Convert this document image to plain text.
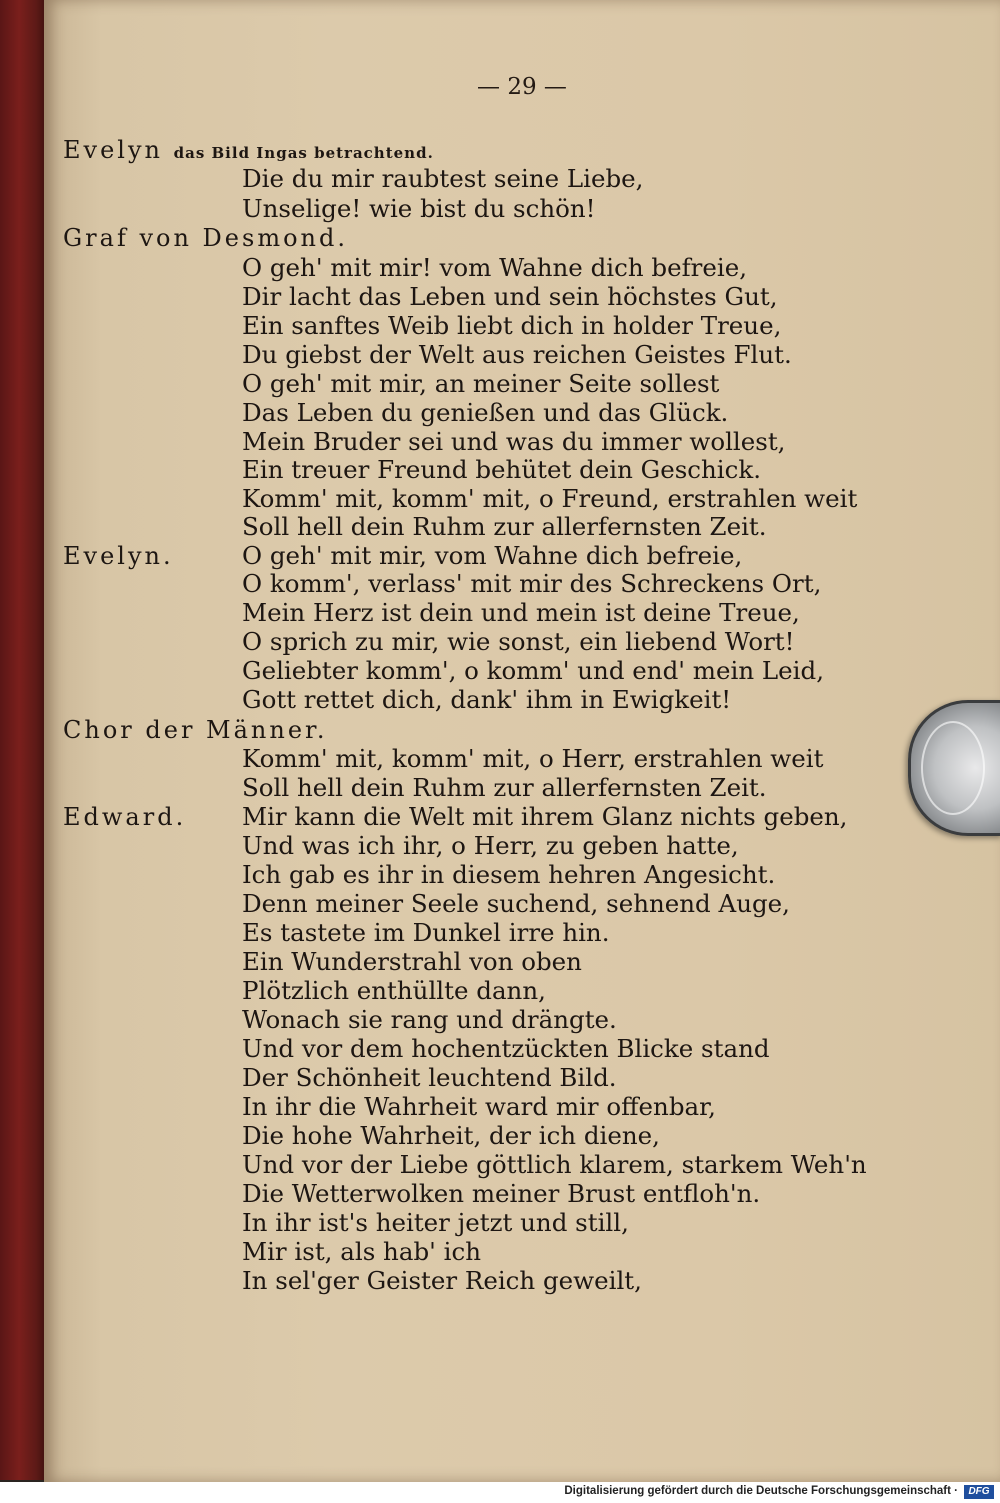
— 29 —
Evelyn das Bild Ingas betrachtend.
Die du mir raubtest seine Liebe,
Unselige! wie bist du schön!
Graf von Desmond.
O geh' mit mir! vom Wahne dich befreie,
Dir lacht das Leben und sein höchstes Gut,
Ein sanftes Weib liebt dich in holder Treue,
Du giebst der Welt aus reichen Geistes Flut.
O geh' mit mir, an meiner Seite sollest
Das Leben du genießen und das Glück.
Mein Bruder sei und was du immer wollest,
Ein treuer Freund behütet dein Geschick.
Komm' mit, komm' mit, o Freund, erstrahlen weit
Soll hell dein Ruhm zur allerfernsten Zeit.
Evelyn.	O geh' mit mir, vom Wahne dich befreie,
O komm', verlass' mit mir des Schreckens Ort,
Mein Herz ist dein und mein ist deine Treue,
O sprich zu mir, wie sonst, ein liebend Wort!
Geliebter komm', o komm' und end' mein Leid,
Gott rettet dich, dank' ihm in Ewigkeit!
Chor der Männer.
Komm' mit, komm' mit, o Herr, erstrahlen weit
Soll hell dein Ruhm zur allerfernsten Zeit.
Edward. Mir kann die Welt mit ihrem Glanz nichts geben,
Und was ich ihr, o Herr, zu geben hatte,
Ich gab es ihr in diesem hehren Angesicht.
Denn meiner Seele suchend, sehnend Auge,
Es tastete im Dunkel irre hin.
Ein Wunderstrahl von oben
Plötzlich enthüllte dann,
Wonach sie rang und drängte.
Und vor dem hochentzückten Blicke stand
Der Schönheit leuchtend Bild.
In ihr die Wahrheit ward mir offenbar,
Die hohe Wahrheit, der ich diene,
Und vor der Liebe göttlich klarem, starkem Weh'n
Die Wetterwolken meiner Brust entfloh'n.
In ihr ist's heiter jetzt und still,
Mir ist, als hab' ich
In sel'ger Geister Reich geweilt,
Digitalisierung gefördert durch die Deutsche Forschungsgemeinschaft ·	DFG
